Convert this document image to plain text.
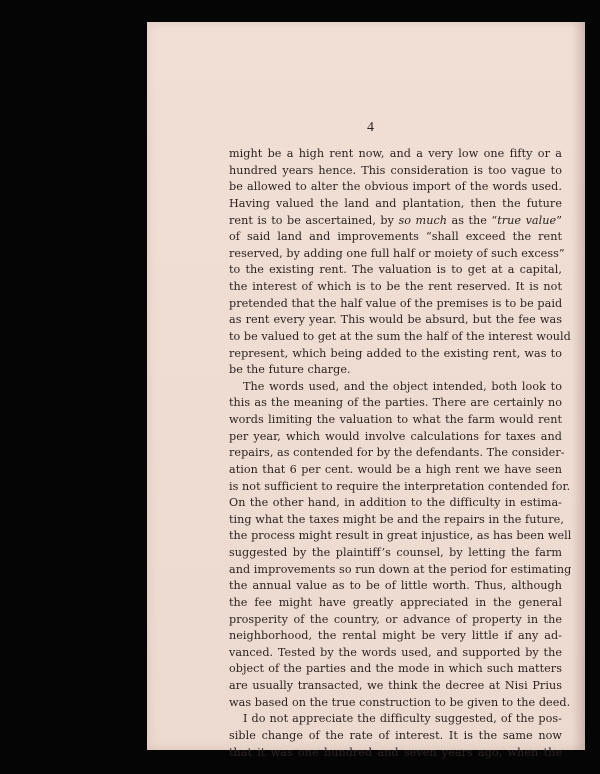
4
might be a high rent now, and a very low one fifty or a
hundred years hence. This consideration is too vague to
be allowed to alter the obvious import of the words used.
Having valued the land and plantation, then the future
rent is to be ascertained, by so much as the “true value”
of said land and improvements “shall exceed the rent
reserved, by adding one full half or moiety of such excess”
to the existing rent. The valuation is to get at a capital,
the interest of which is to be the rent reserved. It is not
pretended that the half value of the premises is to be paid
as rent every year. This would be absurd, but the fee was
to be valued to get at the sum the half of the interest would
represent, which being added to the existing rent, was to
be the future charge.
The words used, and the object intended, both look to
this as the meaning of the parties. There are certainly no
words limiting the valuation to what the farm would rent
per year, which would involve calculations for taxes and
repairs, as contended for by the defendants. The consider-
ation that 6 per cent. would be a high rent we have seen
is not sufficient to require the interpretation contended for.
On the other hand, in addition to the difficulty in estima-
ting what the taxes might be and the repairs in the future,
the process might result in great injustice, as has been well
suggested by the plaintiff’s counsel, by letting the farm
and improvements so run down at the period for estimating
the annual value as to be of little worth. Thus, although
the fee might have greatly appreciated in the general
prosperity of the country, or advance of property in the
neighborhood, the rental might be very little if any ad-
vanced. Tested by the words used, and supported by the
object of the parties and the mode in which such matters
are usually transacted, we think the decree at Nisi Prius
was based on the true construction to be given to the deed.
I do not appreciate the difficulty suggested, of the pos-
sible change of the rate of interest. It is the same now
that it was one hundred and seven years ago, when the
